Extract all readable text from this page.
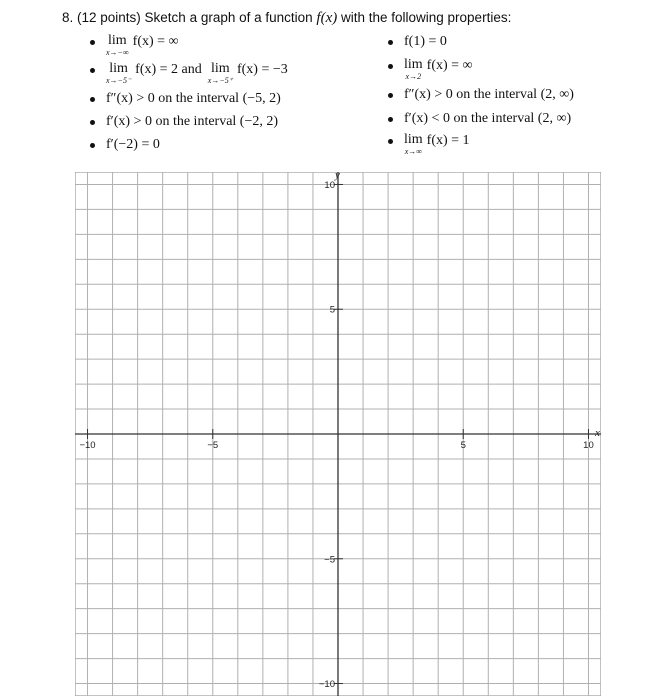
8. (12 points) Sketch a graph of a function f(x) with the following properties:
lim
x→−∞
f(x) = ∞
lim
x→−5⁻
f(x) = 2 and lim
x→−5⁺
f(x) = −3
f″(x) > 0 on the interval (−5, 2)
f′(x) > 0 on the interval (−2, 2)
f′(−2) = 0
f(1) = 0
lim
x→2
f(x) = ∞
f″(x) > 0 on the interval (2, ∞)
f′(x) < 0 on the interval (2, ∞)
lim
x→∞
f(x) = 1
−10	−5	5	10
10
5
−5
−10
x
y
